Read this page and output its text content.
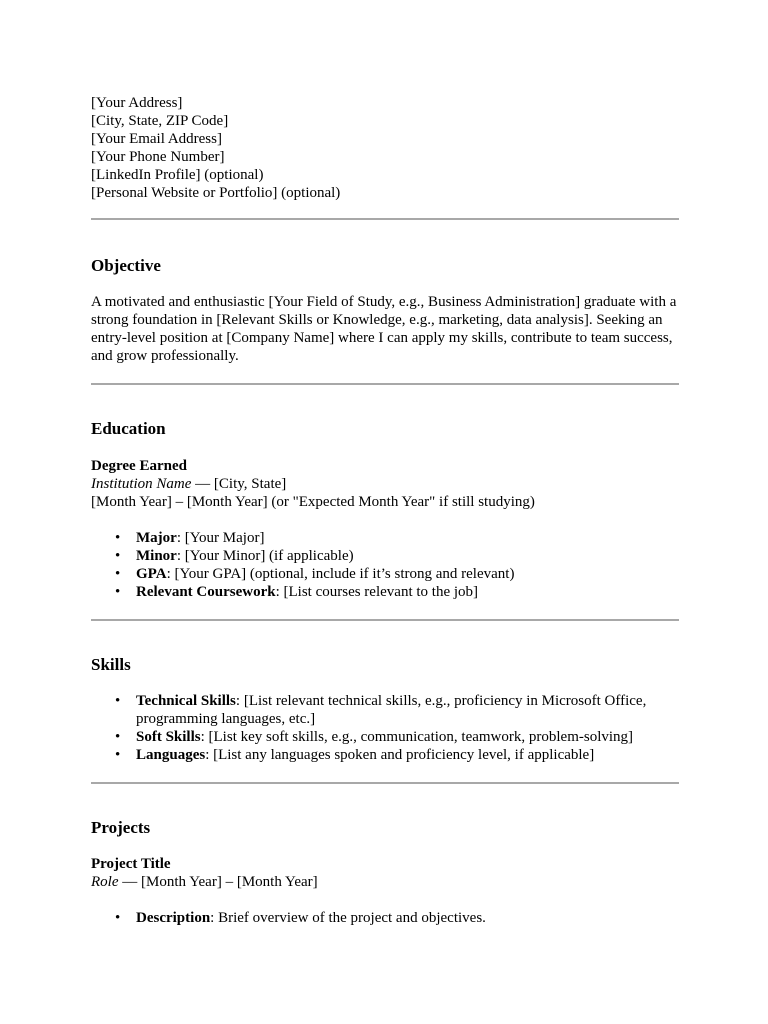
[Your Address]
[City, State, ZIP Code]
[Your Email Address]
[Your Phone Number]
[LinkedIn Profile] (optional)
[Personal Website or Portfolio] (optional)
Objective

A motivated and enthusiastic [Your Field of Study, e.g., Business Administration] graduate with a strong foundation in [Relevant Skills or Knowledge, e.g., marketing, data analysis]. Seeking an entry-level position at [Company Name] where I can apply my skills, contribute to team success, and grow professionally.

Education
Degree Earned
Institution Name — [City, State]
[Month Year] – [Month Year] (or "Expected Month Year" if still studying)
• Major: [Your Major]
• Minor: [Your Minor] (if applicable)
• GPA: [Your GPA] (optional, include if it’s strong and relevant)
• Relevant Coursework: [List courses relevant to the job]
Skills
• Technical Skills: [List relevant technical skills, e.g., proficiency in Microsoft Office, programming languages, etc.]
• Soft Skills: [List key soft skills, e.g., communication, teamwork, problem-solving]
• Languages: [List any languages spoken and proficiency level, if applicable]
Projects
Project Title
Role — [Month Year] – [Month Year]
• Description: Brief overview of the project and objectives.
